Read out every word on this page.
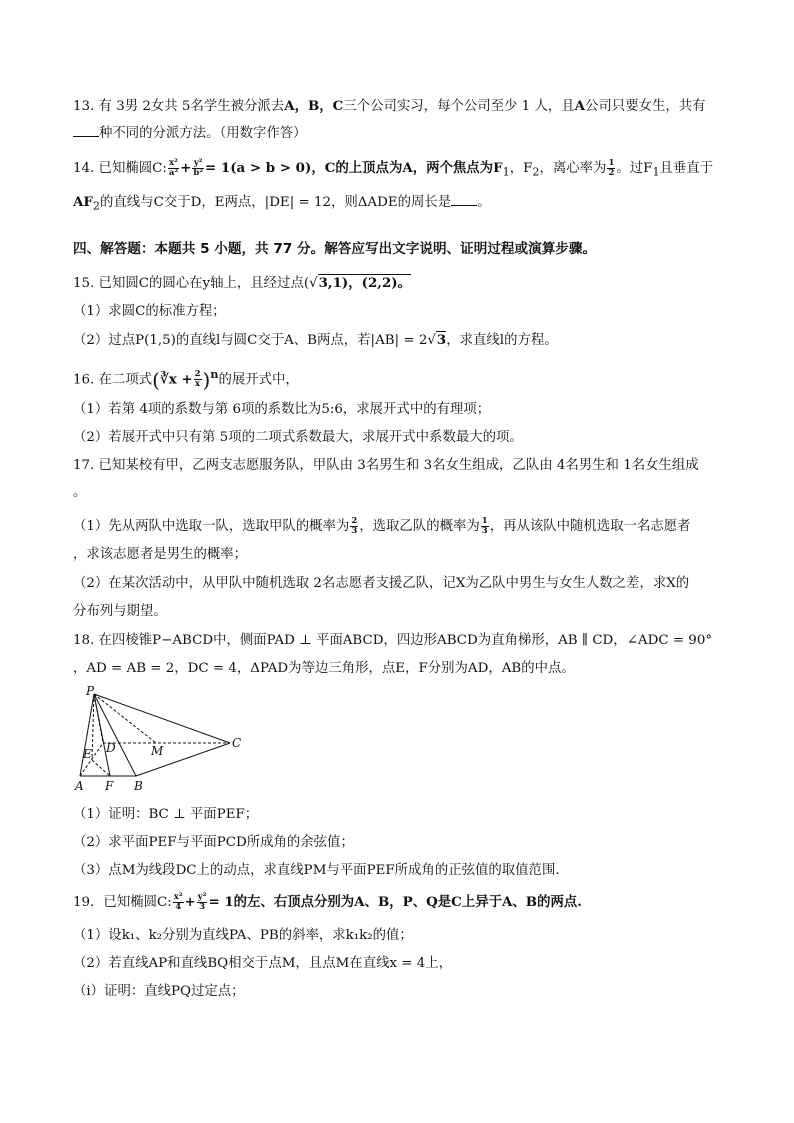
13. 有 3男 2女共 5名学生被分派去A，B，C三个公司实习，每个公司至少 1 人，且A公司只要女生，共有
种不同的分派方法。（用数字作答）
14. 已知椭圆C: $\frac{\text{x²}}{\text{a²}} + \frac{\text{y²}}{\text{b²}} = 1(a > b > 0)$，C的上顶点为A，两个焦点为$F_1$，$F_2$，离心率为 $\frac{1}{2}$ 。过$F_1$且垂直于
$AF_2$的直线与C交于D，E两点，|DE| = 12，则ΔADE的周长是 。
四、解答题：本题共 5 小题，共 77 分。解答应写出文字说明、证明过程或演算步骤。
15. 已知圆C的圆心在y轴上，且经过点(√3,1)，(2,2)。
（1）求圆C的标准方程；
（2）过点P(1,5)的直线l与圆C交于A、B两点，若|AB| = 2√3，求直线l的方程。
16. 在二项式(∛x + $\frac{2}{x} )^n$的展开式中，
（1）若第 4项的系数与第 6项的系数比为5:6，求展开式中的有理项；
（2）若展开式中只有第 5项的二项式系数最大，求展开式中系数最大的项。
17. 已知某校有甲，乙两支志愿服务队，甲队由 3名男生和 3名女生组成，乙队由 4名男生和 1名女生组成
。
（1）先从两队中选取一队，选取甲队的概率为 $\frac{2}{3}$ ，选取乙队的概率为 $\frac{1}{3}$ ，再从该队中随机选取一名志愿者
，求该志愿者是男生的概率；
（2）在某次活动中，从甲队中随机选取 2名志愿者支援乙队，记X为乙队中男生与女生人数之差，求X的
分布列与期望。
18. 在四棱锥P−ABCD中，侧面PAD ⊥ 平面ABCD，四边形ABCD为直角梯形，AB ∥ CD，∠ADC = 90°
，AD = AB = 2，DC = 4，ΔPAD为等边三角形，点E，F分别为AD，AB的中点。
P
E D	M
C
A F B
（1）证明：BC ⊥ 平面PEF；
（2）求平面PEF与平面PCD所成角的余弦值；
（3）点M为线段DC上的动点，求直线PM与平面PEF所成角的正弦值的取值范围.
19．已知椭圆C: $\frac{\text{x²}}{4} + \frac{\text{y²}}{3} = 1$的左、右顶点分别为A、B，P、Q是C上异于A、B的两点.
（1）设k₁、k₂分别为直线PA、PB的斜率，求k₁k₂的值；
（2）若直线AP和直线BQ相交于点M，且点M在直线x = 4上，
（i）证明：直线PQ过定点；
